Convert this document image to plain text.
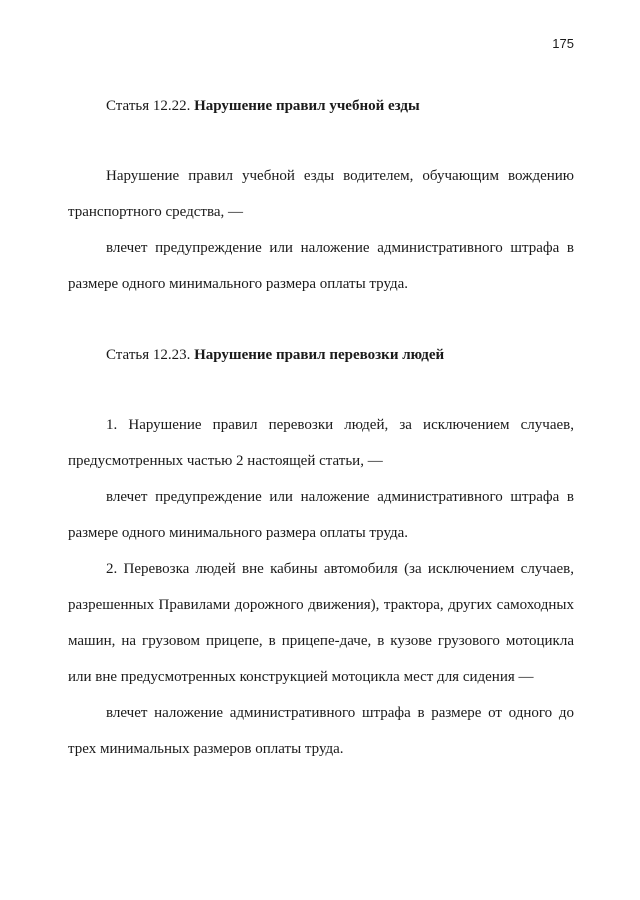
175
Статья 12.22. Нарушение правил учебной езды

Нарушение правил учебной езды водителем, обучающим вождению транспортного средства, —

влечет предупреждение или наложение административного штрафа в размере одного минимального размера оплаты труда.

Статья 12.23. Нарушение правил перевозки людей

1. Нарушение правил перевозки людей, за исключением случаев, предусмотренных частью 2 настоящей статьи, —

влечет предупреждение или наложение административного штрафа в размере одного минимального размера оплаты труда.

2. Перевозка людей вне кабины автомобиля (за исключением случаев, разрешенных Правилами дорожного движения), трактора, других самоходных машин, на грузовом прицепе, в прицепе-даче, в кузове грузового мотоцикла или вне предусмотренных конструкцией мотоцикла мест для сидения —

влечет наложение административного штрафа в размере от одного до трех минимальных размеров оплаты труда.
